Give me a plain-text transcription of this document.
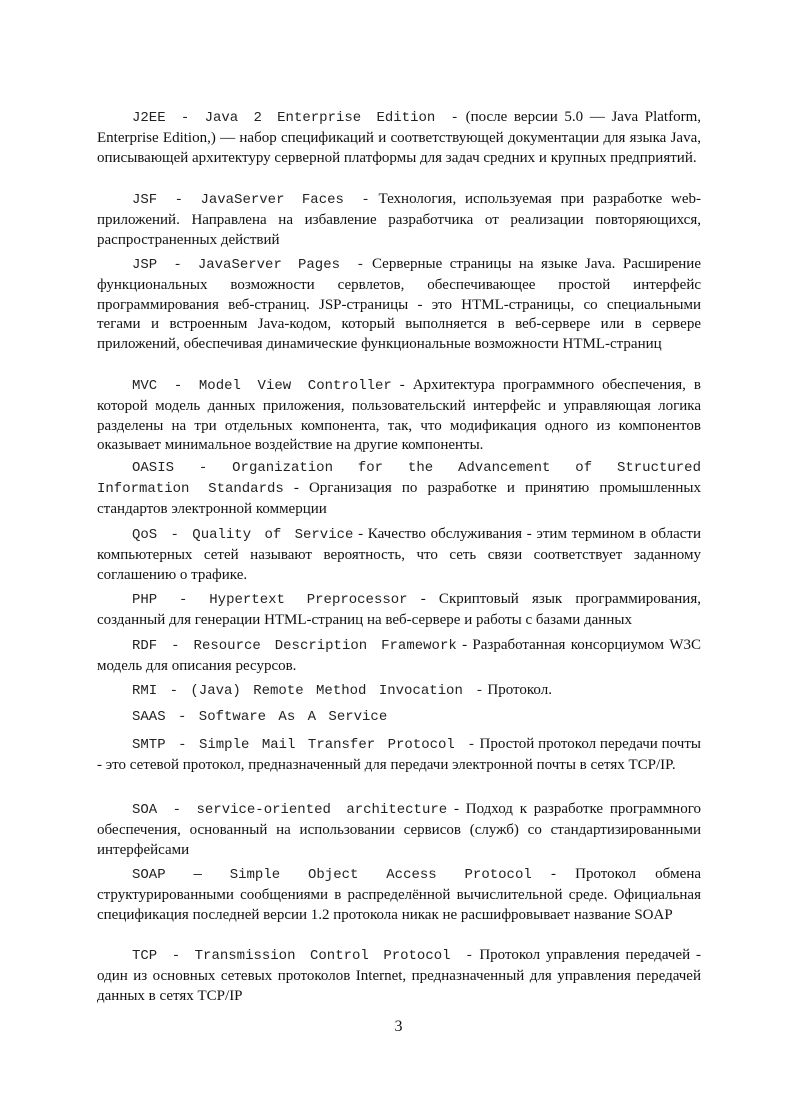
J2EE - Java 2 Enterprise Edition - (после версии 5.0 — Java Platform, Enterprise Edition,) — набор спецификаций и соответствующей документации для языка Java, описывающей архитектуру серверной платформы для задач средних и крупных предприятий.

JSF - JavaServer Faces - Технология, используемая при разработке web-приложений. Направлена на избавление разработчика от реализации повторяющихся, распространенных действий

JSP - JavaServer Pages - Серверные страницы на языке Java. Расширение функциональных возможности сервлетов, обеспечивающее простой интерфейс программирования веб-страниц. JSP-страницы - это HTML-страницы, со специальными тегами и встроенным Java-кодом, который выполняется в веб-сервере или в сервере приложений, обеспечивая динамические функциональные возможности HTML-страниц

MVC - Model View Controller - Архитектура программного обеспечения, в которой модель данных приложения, пользовательский интерфейс и управляющая логика разделены на три отдельных компонента, так, что модификация одного из компонентов оказывает минимальное воздействие на другие компоненты.

OASIS - Organization for the Advancement of Structured Information Standards - Организация по разработке и принятию промышленных стандартов электронной коммерции

QoS - Quality of Service - Качество обслуживания - этим термином в области компьютерных сетей называют вероятность, что сеть связи соответствует заданному соглашению о трафике.

PHP - Hypertext Preprocessor - Скриптовый язык программирования, созданный для генерации HTML-страниц на веб-сервере и работы с базами данных

RDF - Resource Description Framework - Разработанная консорциумом W3C модель для описания ресурсов.

RMI - (Java) Remote Method Invocation - Протокол.

SAAS - Software As A Service

SMTP - Simple Mail Transfer Protocol - Простой протокол передачи почты - это сетевой протокол, предназначенный для передачи электронной почты в сетях TCP/IP.

SOA - service-oriented architecture - Подход к разработке программного обеспечения, основанный на использовании сервисов (служб) со стандартизированными интерфейсами

SOAP — Simple Object Access Protocol - Протокол обмена структурированными сообщениями в распределённой вычислительной среде. Официальная спецификация последней версии 1.2 протокола никак не расшифровывает название SOAP

TCP - Transmission Control Protocol - Протокол управления передачей - один из основных сетевых протоколов Internet, предназначенный для управления передачей данных в сетях TCP/IP

3
